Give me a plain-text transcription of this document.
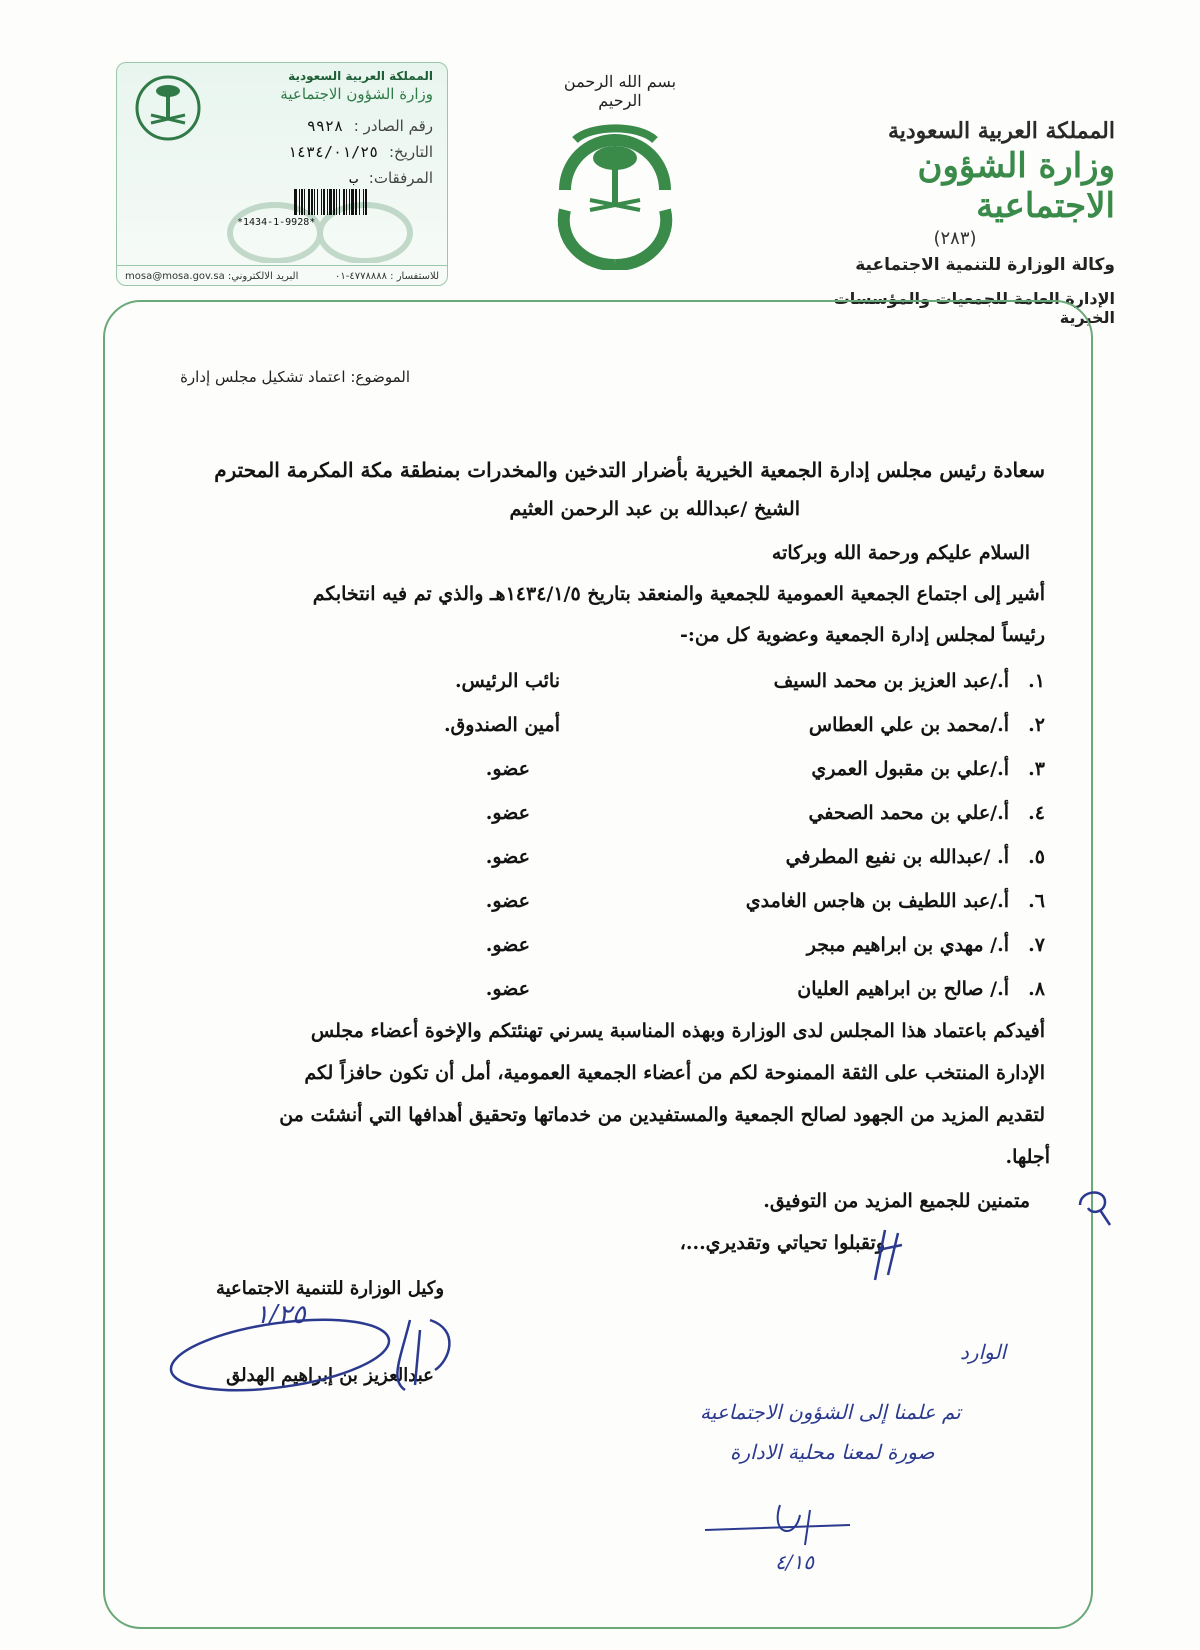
بسم الله الرحمن الرحيم
المملكة العربية السعودية
وزارة الشؤون الاجتماعية
(٢٨٣)
وكالة الوزارة للتنمية الاجتماعية
الإدارة العامة للجمعيات والمؤسسات الخيرية
المملكة العربية السعودية
وزارة الشؤون الاجتماعية
رقم الصادر : ٩٩٢٨
التاريخ: ١٤٣٤/٠١/٢٥
المرفقات: ب
*1434-1-9928*
للاستفسار : ٤٧٧٨٨٨٨-٠١
البريد الالكتروني: mosa@mosa.gov.sa
الموضوع: اعتماد تشكيل مجلس إدارة
سعادة رئيس مجلس إدارة الجمعية الخيرية بأضرار التدخين والمخدرات بمنطقة مكة المكرمة المحترم
الشيخ /عبدالله بن عبد الرحمن العثيم
السلام عليكم ورحمة الله وبركاته
أشير إلى اجتماع الجمعية العمومية للجمعية والمنعقد بتاريخ ١٤٣٤/١/٥هـ والذي تم فيه انتخابكم
رئيساً لمجلس إدارة الجمعية وعضوية كل من:-
١.
أ./عبد العزيز بن محمد السيف
نائب الرئيس.
٢.
أ./محمد بن علي العطاس
أمين الصندوق.
٣.
أ./علي بن مقبول العمري
عضو.
٤.
أ./علي بن محمد الصحفي
عضو.
٥.
أ. /عبدالله بن نفيع المطرفي
عضو.
٦.
أ./عبد اللطيف بن هاجس الغامدي
عضو.
٧.
أ./ مهدي بن ابراهيم مبجر
عضو.
٨.
أ./ صالح بن ابراهيم العليان
عضو.
أفيدكم باعتماد هذا المجلس لدى الوزارة وبهذه المناسبة يسرني تهنئتكم والإخوة أعضاء مجلس
الإدارة المنتخب على الثقة الممنوحة لكم من أعضاء الجمعية العمومية، أمل أن تكون حافزاً لكم
لتقديم المزيد من الجهود لصالح الجمعية والمستفيدين من خدماتها وتحقيق أهدافها التي أنشئت من
أجلها.
متمنين للجميع المزيد من التوفيق.
وتقبلوا تحياتي وتقديري...،
وكيل الوزارة للتنمية الاجتماعية
عبدالعزيز بن إبراهيم الهدلق
١/٢٥
الوارد
تم علمنا إلى الشؤون الاجتماعية
صورة لمعنا محلية الادارة
٤/١٥
